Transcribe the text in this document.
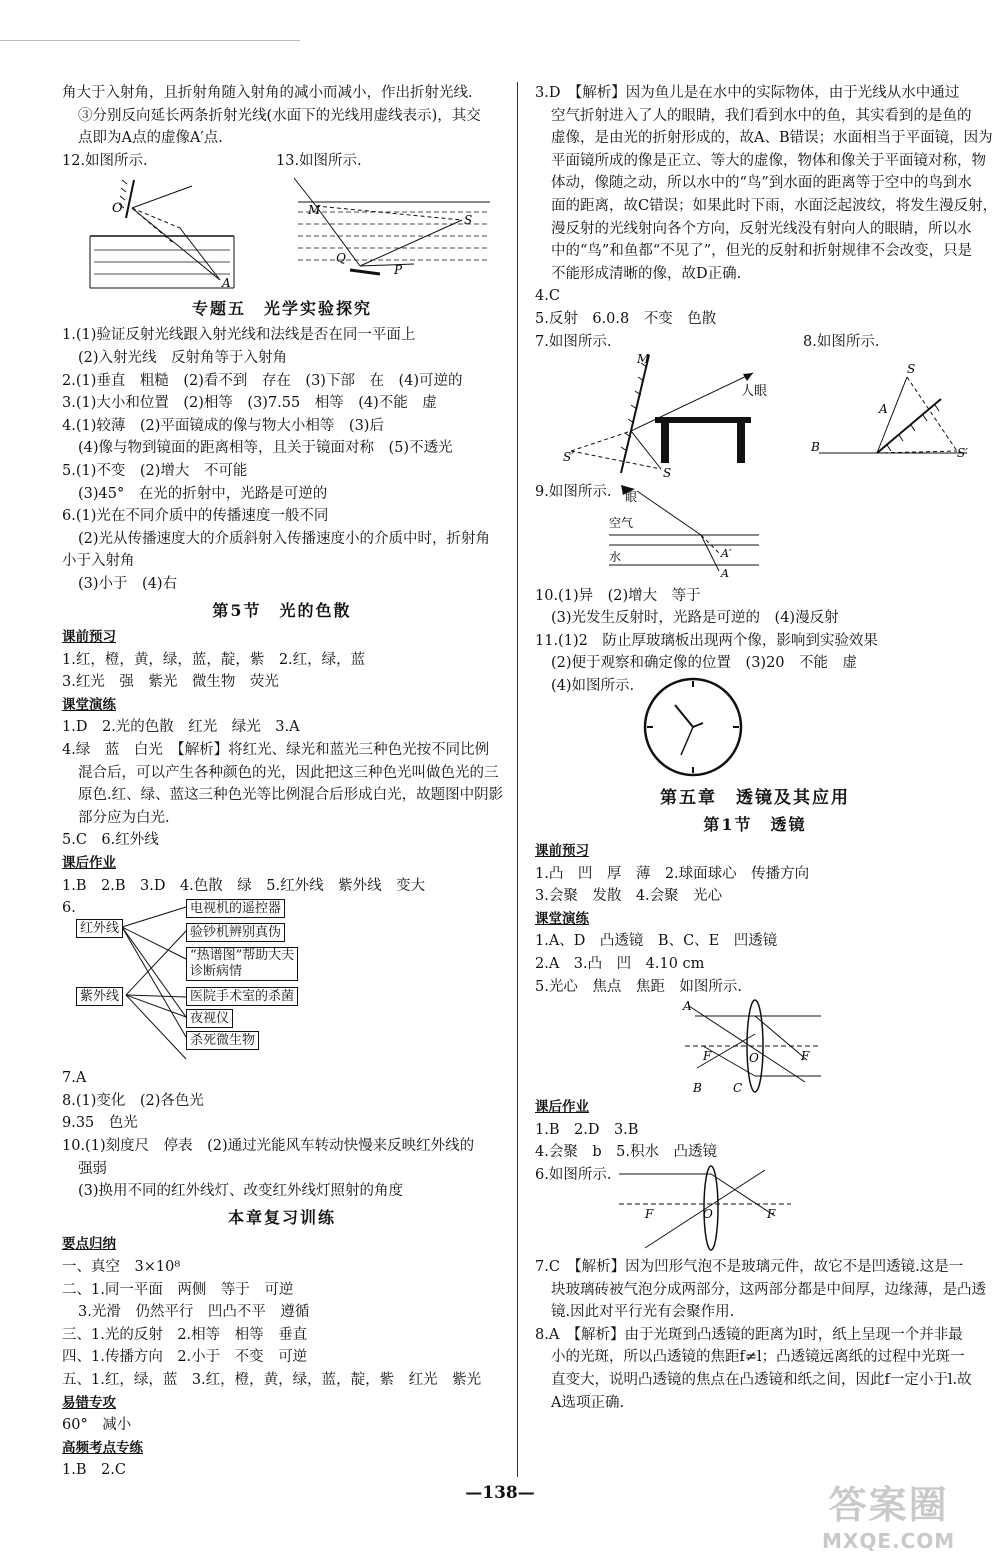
角大于入射角，且折射角随入射角的减小而减小，作出折射光线.
③分别反向延长两条折射光线(水面下的光线用虚线表示)，其交
点即为A点的虚像A′点.
12.如图所示.	13.如图所示.
O
A
M
S
Q
P
专题五　光学实验探究
1.(1)验证反射光线跟入射光线和法线是否在同一平面上
(2)入射光线　反射角等于入射角
2.(1)垂直　粗糙　(2)看不到　存在　(3)下部　在　(4)可逆的
3.(1)大小和位置　(2)相等　(3)7.55　相等　(4)不能　虚
4.(1)较薄　(2)平面镜成的像与物大小相等　(3)后
(4)像与物到镜面的距离相等，且关于镜面对称　(5)不透光
5.(1)不变　(2)增大　不可能
(3)45°　在光的折射中，光路是可逆的
6.(1)光在不同介质中的传播速度一般不同
(2)光从传播速度大的介质斜射入传播速度小的介质中时，折射角
小于入射角
(3)小于　(4)右
第5节　光的色散
课前预习
1.红，橙，黄，绿，蓝，靛，紫　2.红，绿，蓝
3.红光　强　紫光　微生物　荧光
课堂演练
1.D　2.光的色散　红光　绿光　3.A
4.绿　蓝　白光　【解析】将红光、绿光和蓝光三种色光按不同比例
混合后，可以产生各种颜色的光，因此把这三种色光叫做色光的三
原色.红、绿、蓝这三种色光等比例混合后形成白光，故题图中阴影
部分应为白光.
5.C　6.红外线
课后作业
1.B　2.B　3.D　4.色散　绿　5.红外线　紫外线　变大
6.
红外线
紫外线
电视机的遥控器
验钞机辨别真伪
“热谱图”帮助大夫
诊断病情
医院手术室的杀菌
夜视仪
杀死微生物
7.A
8.(1)变化　(2)各色光
9.35　色光
10.(1)刻度尺　停表　(2)通过光能风车转动快慢来反映红外线的
强弱
(3)换用不同的红外线灯、改变红外线灯照射的角度
本章复习训练
要点归纳
一、真空　3×10⁸
二、1.同一平面　两侧　等于　可逆
3.光滑　仍然平行　凹凸不平　遵循
三、1.光的反射　2.相等　相等　垂直
四、1.传播方向　2.小于　不变　可逆
五、1.红，绿，蓝　3.红，橙，黄，绿，蓝，靛，紫　红光　紫光
易错专攻
60°　减小
高频考点专练
1.B　2.C
3.D　【解析】因为鱼儿是在水中的实际物体，由于光线从水中通过
空气折射进入了人的眼睛，我们看到水中的鱼，其实看到的是鱼的
虚像，是由光的折射形成的，故A、B错误；水面相当于平面镜，因为
平面镜所成的像是正立、等大的虚像，物体和像关于平面镜对称，物
体动，像随之动，所以水中的“鸟”到水面的距离等于空中的鸟到水
面的距离，故C错误；如果此时下雨，水面泛起波纹，将发生漫反射，
漫反射的光线射向各个方向，反射光线没有射向人的眼睛，所以水
中的“鸟”和鱼都“不见了”，但光的反射和折射规律不会改变，只是
不能形成清晰的像，故D正确.
4.C
5.反射　6.0.8　不变　色散
7.如图所示.	8.如图所示.
M
人眼
S′
S
B
S
A
S′
9.如图所示. 眼
空气
水	A′
A
10.(1)异　(2)增大　等于
(3)光发生反射时，光路是可逆的　(4)漫反射
11.(1)2　防止厚玻璃板出现两个像，影响到实验效果
(2)便于观察和确定像的位置　(3)20　不能　虚
(4)如图所示.
第五章　透镜及其应用
第1节　透镜
课前预习
1.凸　凹　厚　薄　2.球面球心　传播方向
3.会聚　发散　4.会聚　光心
课堂演练
1.A、D　凸透镜　B、C、E　凹透镜
2.A　3.凸　凹　4.10 cm
5.光心　焦点　焦距　如图所示.
A
F	F
O
B	C
课后作业
1.B　2.D　3.B
4.会聚　b　5.积水　凸透镜
6.如图所示.
F	O	F
7.C　【解析】因为凹形气泡不是玻璃元件，故它不是凹透镜.这是一
块玻璃砖被气泡分成两部分，这两部分都是中间厚，边缘薄，是凸透
镜.因此对平行光有会聚作用.
8.A　【解析】由于光斑到凸透镜的距离为l时，纸上呈现一个并非最
小的光斑，所以凸透镜的焦距f≠l；凸透镜远离纸的过程中光斑一
直变大，说明凸透镜的焦点在凸透镜和纸之间，因此f一定小于l.故
A选项正确.
—138—	答案圈
MXQE.COM
